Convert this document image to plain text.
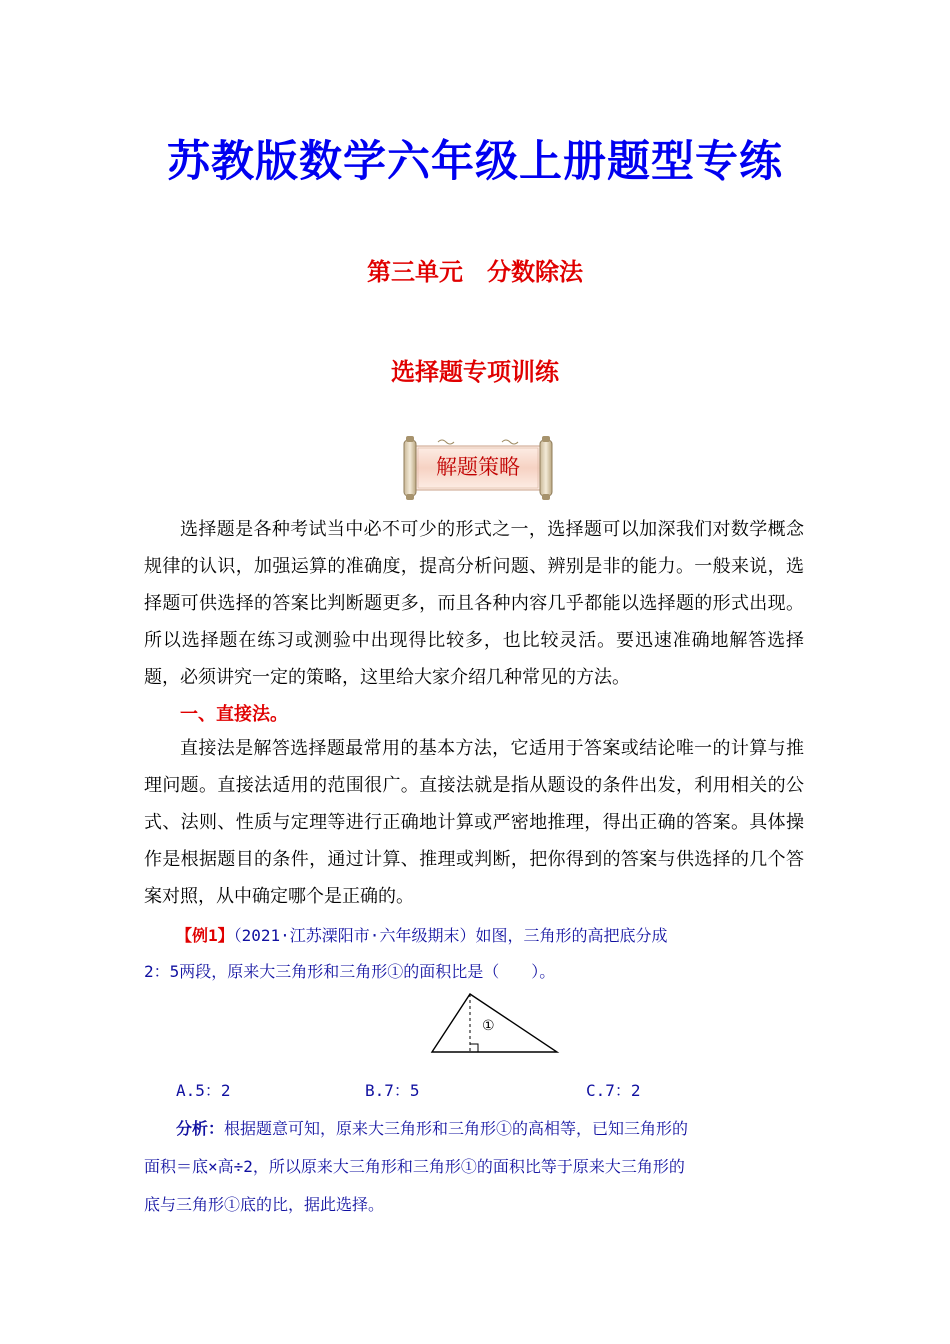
苏教版数学六年级上册题型专练
第三单元　分数除法
选择题专项训练
解题策略
选择题是各种考试当中必不可少的形式之一，选择题可以加深我们对数学概念规律的认识，加强运算的准确度，提高分析问题、辨别是非的能力。一般来说，选择题可供选择的答案比判断题更多，而且各种内容几乎都能以选择题的形式出现。所以选择题在练习或测验中出现得比较多，也比较灵活。要迅速准确地解答选择题，必须讲究一定的策略，这里给大家介绍几种常见的方法。
一、直接法。
直接法是解答选择题最常用的基本方法，它适用于答案或结论唯一的计算与推理问题。直接法适用的范围很广。直接法就是指从题设的条件出发，利用相关的公式、法则、性质与定理等进行正确地计算或严密地推理，得出正确的答案。具体操作是根据题目的条件，通过计算、推理或判断，把你得到的答案与供选择的几个答案对照，从中确定哪个是正确的。
【例1】（2021·江苏溧阳市·六年级期末）如图，三角形的高把底分成
2：5两段，原来大三角形和三角形①的面积比是（　　）。
①
A.5：2	B.7：5	C.7：2
分析：根据题意可知，原来大三角形和三角形①的高相等，已知三角形的
面积＝底×高÷2，所以原来大三角形和三角形①的面积比等于原来大三角形的
底与三角形①底的比，据此选择。
